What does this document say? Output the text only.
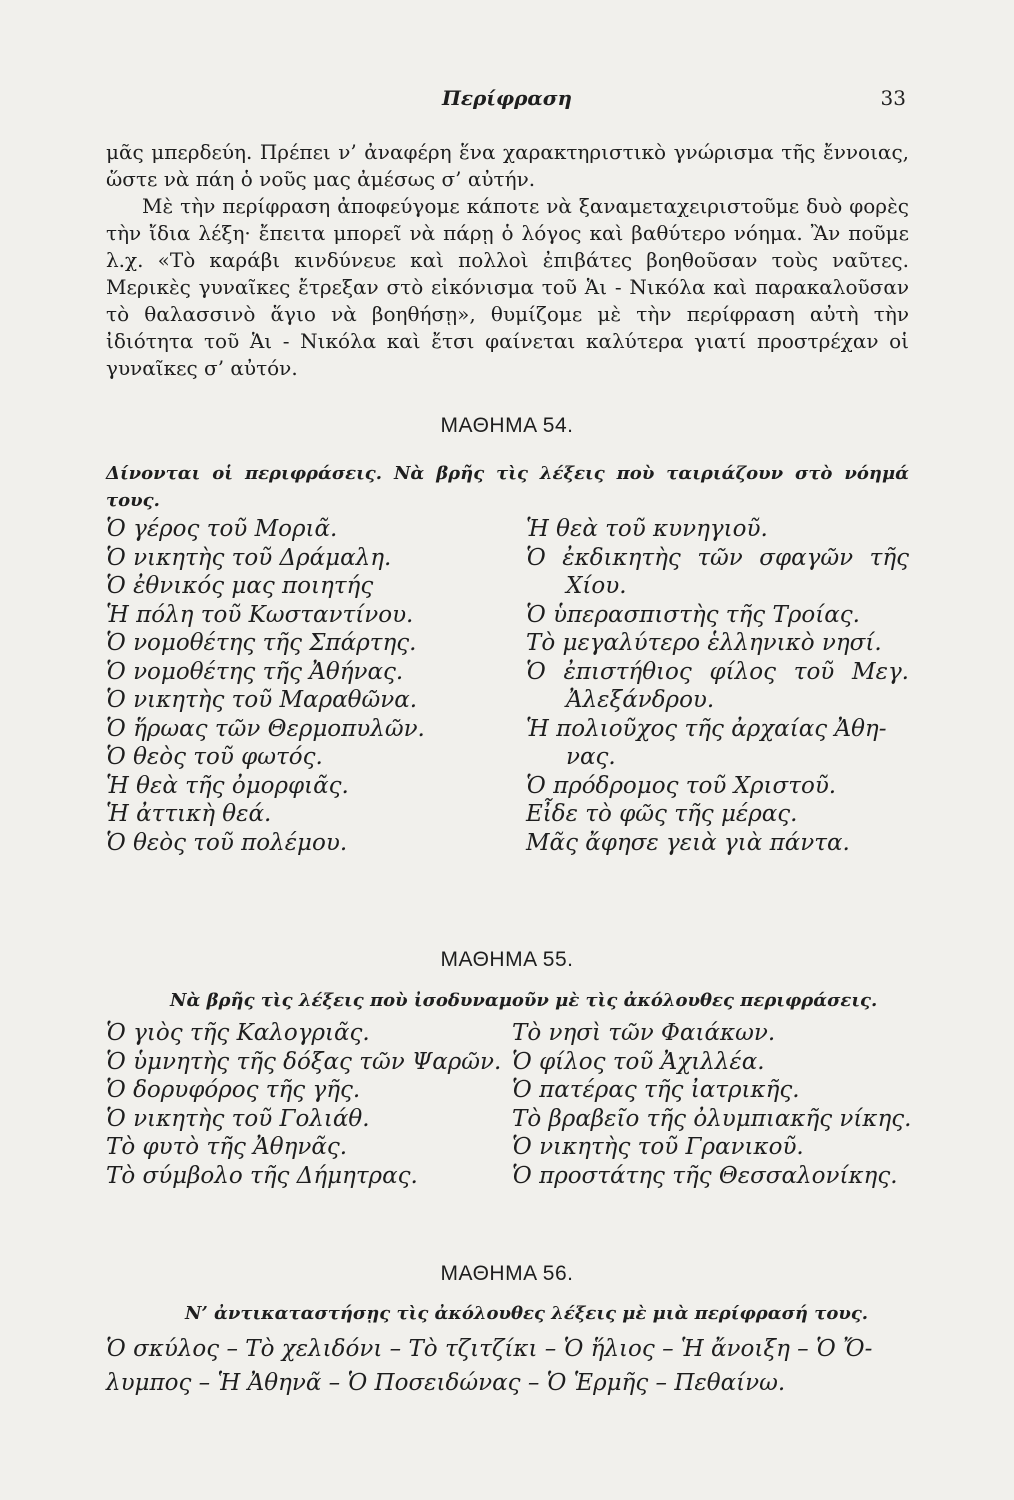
Περίφραση	33
μᾶς μπερδεύη. Πρέπει ν’ ἀναφέρη ἕνα χαρακτηριστικὸ γνώρισμα τῆς ἔννοιας, ὥστε νὰ πάη ὁ νοῦς μας ἀμέσως σ’ αὐτήν.
Μὲ τὴν περίφραση ἀποφεύγομε κάποτε νὰ ξαναμεταχειριστοῦμε δυὸ φορὲς τὴν ἴδια λέξη· ἔπειτα μπορεῖ νὰ πάρῃ ὁ λόγος καὶ βαθύτερο νόημα. Ἂν ποῦμε λ.χ. «Τὸ καράβι κινδύνευε καὶ πολλοὶ ἐπιβάτες βοηθοῦσαν τοὺς ναῦτες. Μερικὲς γυναῖκες ἔτρεξαν στὸ εἰκόνισμα τοῦ Ἁι - Νικόλα καὶ παρακαλοῦσαν τὸ θαλασσινὸ ἅγιο νὰ βοηθήσῃ», θυμίζομε μὲ τὴν περίφραση αὐτὴ τὴν ἰδιότητα τοῦ Ἁι - Νικόλα καὶ ἔτσι φαίνεται καλύτερα γιατί προστρέχαν οἱ γυναῖκες σ’ αὐτόν.
ΜΑΘΗΜΑ 54.
Δίνονται οἱ περιφράσεις. Νὰ βρῆς τὶς λέξεις ποὺ ταιριάζουν στὸ νόημά τους.
Ὁ γέρος τοῦ Μοριᾶ.
Ὁ νικητὴς τοῦ Δράμαλη.
Ὁ ἐθνικός μας ποιητής
Ἡ πόλη τοῦ Κωσταντίνου.
Ὁ νομοθέτης τῆς Σπάρτης.
Ὁ νομοθέτης τῆς Ἀθήνας.
Ὁ νικητὴς τοῦ Μαραθῶνα.
Ὁ ἥρωας τῶν Θερμοπυλῶν.
Ὁ θεὸς τοῦ φωτός.
Ἡ θεὰ τῆς ὀμορφιᾶς.
Ἡ ἀττικὴ θεά.
Ὁ θεὸς τοῦ πολέμου.
Ἡ θεὰ τοῦ κυνηγιοῦ.
Ὁ ἐκδικητὴς τῶν σφαγῶν τῆς
Χίου.
Ὁ ὑπερασπιστὴς τῆς Τροίας.
Τὸ μεγαλύτερο ἑλληνικὸ νησί.
Ὁ ἐπιστήθιος φίλος τοῦ Μεγ.
Ἀλεξάνδρου.
Ἡ πολιοῦχος τῆς ἀρχαίας Ἀθη-
νας.
Ὁ πρόδρομος τοῦ Χριστοῦ.
Εἶδε τὸ φῶς τῆς μέρας.
Μᾶς ἄφησε γειὰ γιὰ πάντα.
ΜΑΘΗΜΑ 55.
Νὰ βρῆς τὶς λέξεις ποὺ ἰσοδυναμοῦν μὲ τὶς ἀκόλουθες περιφράσεις.
Ὁ γιὸς τῆς Καλογριᾶς.
Ὁ ὑμνητὴς τῆς δόξας τῶν Ψαρῶν.
Ὁ δορυφόρος τῆς γῆς.
Ὁ νικητὴς τοῦ Γολιάθ.
Τὸ φυτὸ τῆς Ἀθηνᾶς.
Τὸ σύμβολο τῆς Δήμητρας.
Τὸ νησὶ τῶν Φαιάκων.
Ὁ φίλος τοῦ Ἀχιλλέα.
Ὁ πατέρας τῆς ἰατρικῆς.
Τὸ βραβεῖο τῆς ὀλυμπιακῆς νίκης.
Ὁ νικητὴς τοῦ Γρανικοῦ.
Ὁ προστάτης τῆς Θεσσαλονίκης.
ΜΑΘΗΜΑ 56.
Ν’ ἀντικαταστήσῃς τὶς ἀκόλουθες λέξεις μὲ μιὰ περίφρασή τους.
Ὁ σκύλος – Τὸ χελιδόνι – Τὸ τζιτζίκι – Ὁ ἥλιος – Ἡ ἄνοιξη – Ὁ Ὄ-
λυμπος – Ἡ Ἀθηνᾶ – Ὁ Ποσειδώνας – Ὁ Ἑρμῆς – Πεθαίνω.
